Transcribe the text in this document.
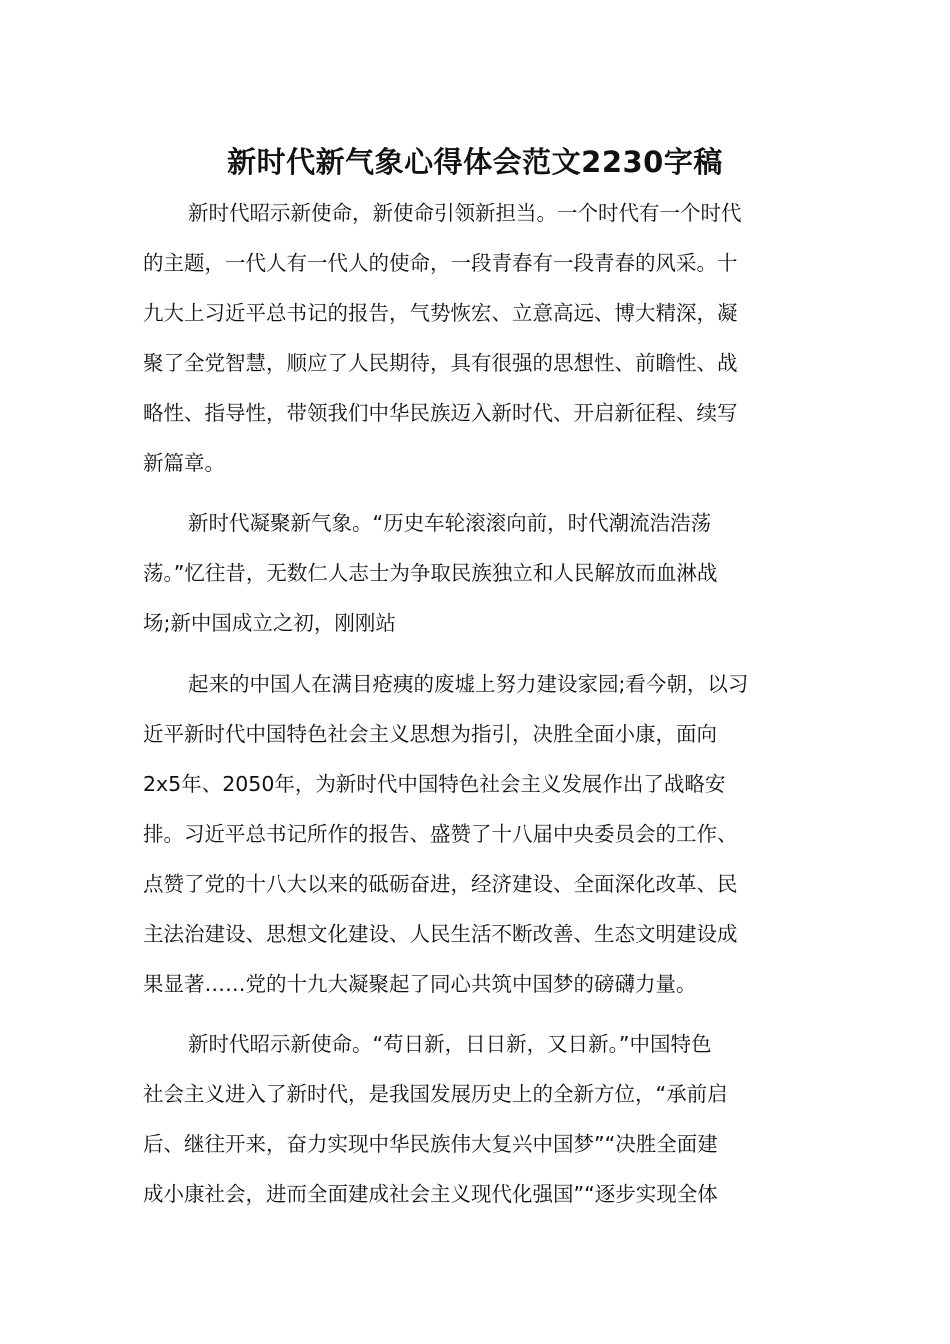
新时代新气象心得体会范文2230字稿
新时代昭示新使命，新使命引领新担当。一个时代有一个时代
的主题，一代人有一代人的使命，一段青春有一段青春的风采。十
九大上习近平总书记的报告，气势恢宏、立意高远、博大精深，凝
聚了全党智慧，顺应了人民期待，具有很强的思想性、前瞻性、战
略性、指导性，带领我们中华民族迈入新时代、开启新征程、续写
新篇章。
新时代凝聚新气象。“历史车轮滚滚向前，时代潮流浩浩荡
荡。”忆往昔，无数仁人志士为争取民族独立和人民解放而血淋战
场;新中国成立之初，刚刚站
起来的中国人在满目疮痍的废墟上努力建设家园;看今朝，以习
近平新时代中国特色社会主义思想为指引，决胜全面小康，面向
2x5年、2050年，为新时代中国特色社会主义发展作出了战略安
排。习近平总书记所作的报告、盛赞了十八届中央委员会的工作、
点赞了党的十八大以来的砥砺奋进，经济建设、全面深化改革、民
主法治建设、思想文化建设、人民生活不断改善、生态文明建设成
果显著……党的十九大凝聚起了同心共筑中国梦的磅礴力量。
新时代昭示新使命。“苟日新，日日新，又日新。”中国特色
社会主义进入了新时代，是我国发展历史上的全新方位，“承前启
后、继往开来，奋力实现中华民族伟大复兴中国梦”“决胜全面建
成小康社会，进而全面建成社会主义现代化强国”“逐步实现全体
